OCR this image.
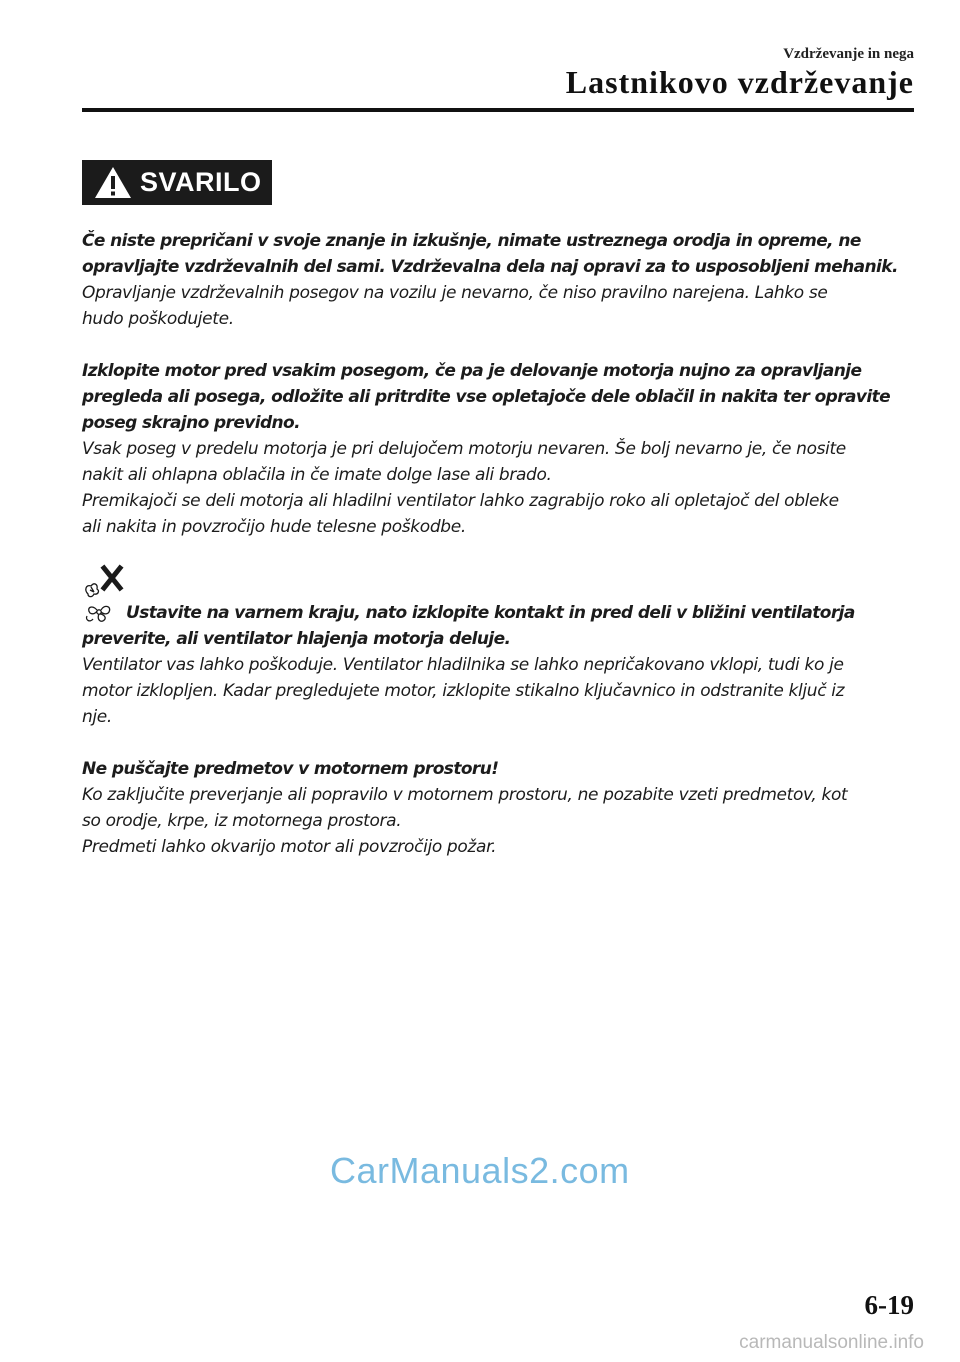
Vzdrževanje in nega
Lastnikovo vzdrževanje
SVARILO

Če niste prepričani v svoje znanje in izkušnje, nimate ustreznega orodja in opreme, ne

opravljajte vzdrževalnih del sami. Vzdrževalna dela naj opravi za to usposobljeni mehanik.

Opravljanje vzdrževalnih posegov na vozilu je nevarno, če niso pravilno narejena. Lahko se

hudo poškodujete.

Izklopite motor pred vsakim posegom, če pa je delovanje motorja nujno za opravljanje

pregleda ali posega, odložite ali pritrdite vse opletajoče dele oblačil in nakita ter opravite

poseg skrajno previdno.

Vsak poseg v predelu motorja je pri delujočem motorju nevaren. Še bolj nevarno je, če nosite

nakit ali ohlapna oblačila in če imate dolge lase ali brado.

Premikajoči se deli motorja ali hladilni ventilator lahko zagrabijo roko ali opletajoč del obleke

ali nakita in povzročijo hude telesne poškodbe.

Ustavite na varnem kraju, nato izklopite kontakt in pred deli v bližini ventilatorja

preverite, ali ventilator hlajenja motorja deluje.

Ventilator vas lahko poškoduje. Ventilator hladilnika se lahko nepričakovano vklopi, tudi ko je

motor izklopljen. Kadar pregledujete motor, izklopite stikalno ključavnico in odstranite ključ iz

nje.

Ne puščajte predmetov v motornem prostoru!

Ko zaključite preverjanje ali popravilo v motornem prostoru, ne pozabite vzeti predmetov, kot

so orodje, krpe, iz motornega prostora.

Predmeti lahko okvarijo motor ali povzročijo požar.

CarManuals2.com
6-19
carmanualsonline.info
